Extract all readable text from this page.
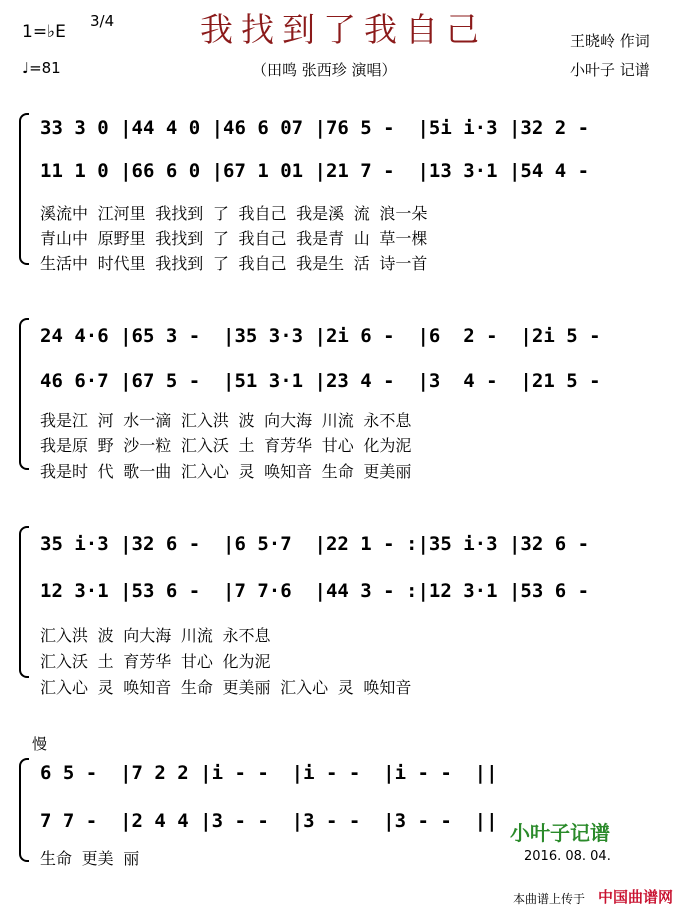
1=♭E
3/4
♩=81
我找到了我自己
（田鸣 张西珍 演唱）
王晓岭 作词
小叶子 记谱
33 3 0 |44 4 0 |46 6 07 |76 5 -  |5i i·3 |32 2 -
11 1 0 |66 6 0 |67 1 01 |21 7 -  |13 3·1 |54 4 -
溪流中 江河里 我找到 了 我自己 我是溪 流 浪一朵
青山中 原野里 我找到 了 我自己 我是青 山 草一棵
生活中 时代里 我找到 了 我自己 我是生 活 诗一首
24 4·6 |65 3 -  |35 3·3 |2i 6 -  |6  2 -  |2i 5 -
46 6·7 |67 5 -  |51 3·1 |23 4 -  |3  4 -  |21 5 -
我是江 河 水一滴 汇入洪 波 向大海 川流 永不息
我是原 野 沙一粒 汇入沃 土 育芳华 甘心 化为泥
我是时 代 歌一曲 汇入心 灵 唤知音 生命 更美丽
35 i·3 |32 6 -  |6 5·7  |22 1 - :|35 i·3 |32 6 -
12 3·1 |53 6 -  |7 7·6  |44 3 - :|12 3·1 |53 6 -
汇入洪 波 向大海 川流 永不息
汇入沃 土 育芳华 甘心 化为泥
汇入心 灵 唤知音 生命 更美丽 汇入心 灵 唤知音
慢
6 5 -  |7 2 2 |i - -  |i - -  |i - -  ||
7 7 -  |2 4 4 |3 - -  |3 - -  |3 - -  ||
生命 更美 丽
小叶子记谱
2016. 08. 04.
本曲谱上传于 中国曲谱网
